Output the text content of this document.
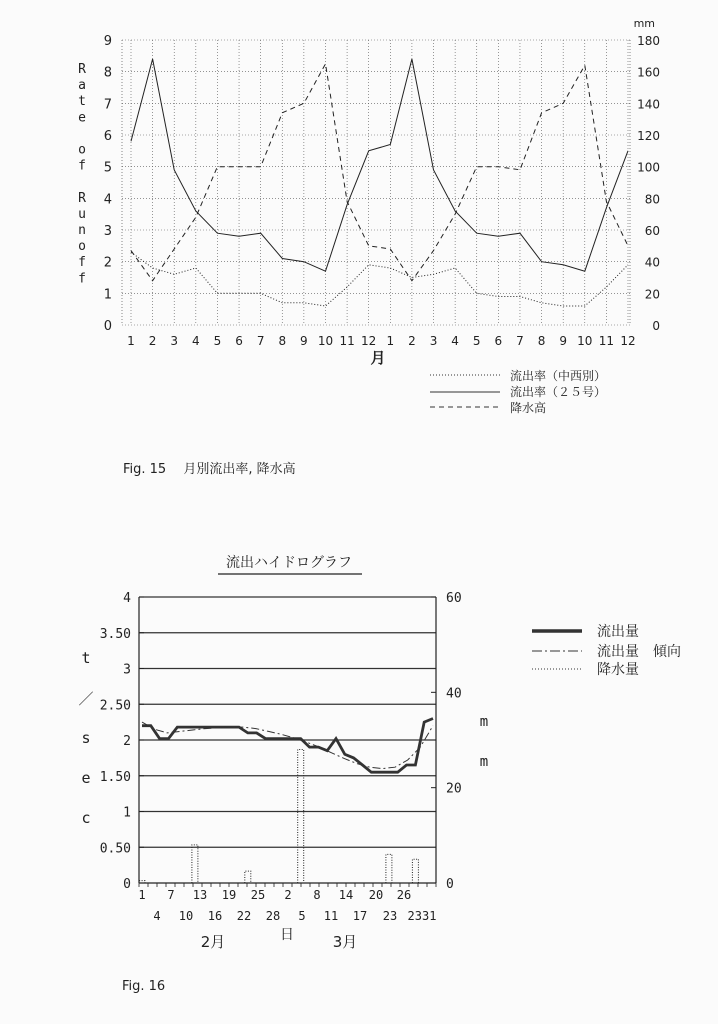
0
1
2
3
4
5
6
7
8
9
0
20
40
60
80
100
120
140
160
180
1 2 3 4 5 6 7 8 9 10 11 12 1 2 3 4 5 6 7 8 9 10 11 12
mm
月
R
a
t
e
o
f
R
u
n
o
f
f
流出率（中西別）
流出率（２５号）
降水高
Fig. 15　 月別流出率, 降水高
0
0.50
1
1.50
2
2.50
3
3.50
4
0
20
40
60
1 7 13 19 25 2 8 14 20 26
4 10 16 22 28 5 11 17 23 2331
2月	3月
日
t
／
s
e
c
m
m
流出ハイドログラフ
流出量
流出量　傾向
降水量
Fig. 16
